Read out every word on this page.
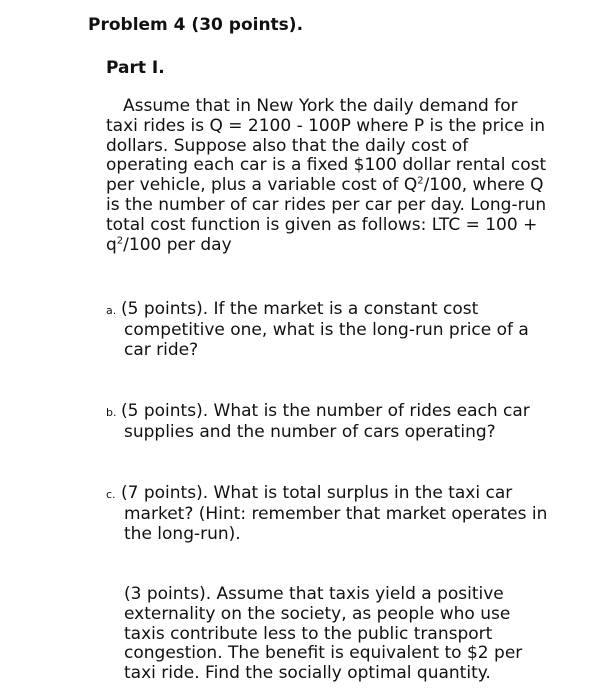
Problem 4 (30 points).
Part I.

Assume that in New York the daily demand for
taxi rides is Q = 2100 - 100P where P is the price in
dollars. Suppose also that the daily cost of
operating each car is a fixed $100 dollar rental cost
per vehicle, plus a variable cost of $Q^2/100$, where Q
is the number of car rides per car per day. Long-run
total cost function is given as follows: LTC = 100 +
$q^2/100$ per day

a. (5 points). If the market is a constant cost
competitive one, what is the long-run price of a
car ride?
b. (5 points). What is the number of rides each car
supplies and the number of cars operating?
c. (7 points). What is total surplus in the taxi car
market? (Hint: remember that market operates in
the long-run).

(3 points). Assume that taxis yield a positive
externality on the society, as people who use
taxis contribute less to the public transport
congestion. The benefit is equivalent to $2 per
taxi ride. Find the socially optimal quantity.
